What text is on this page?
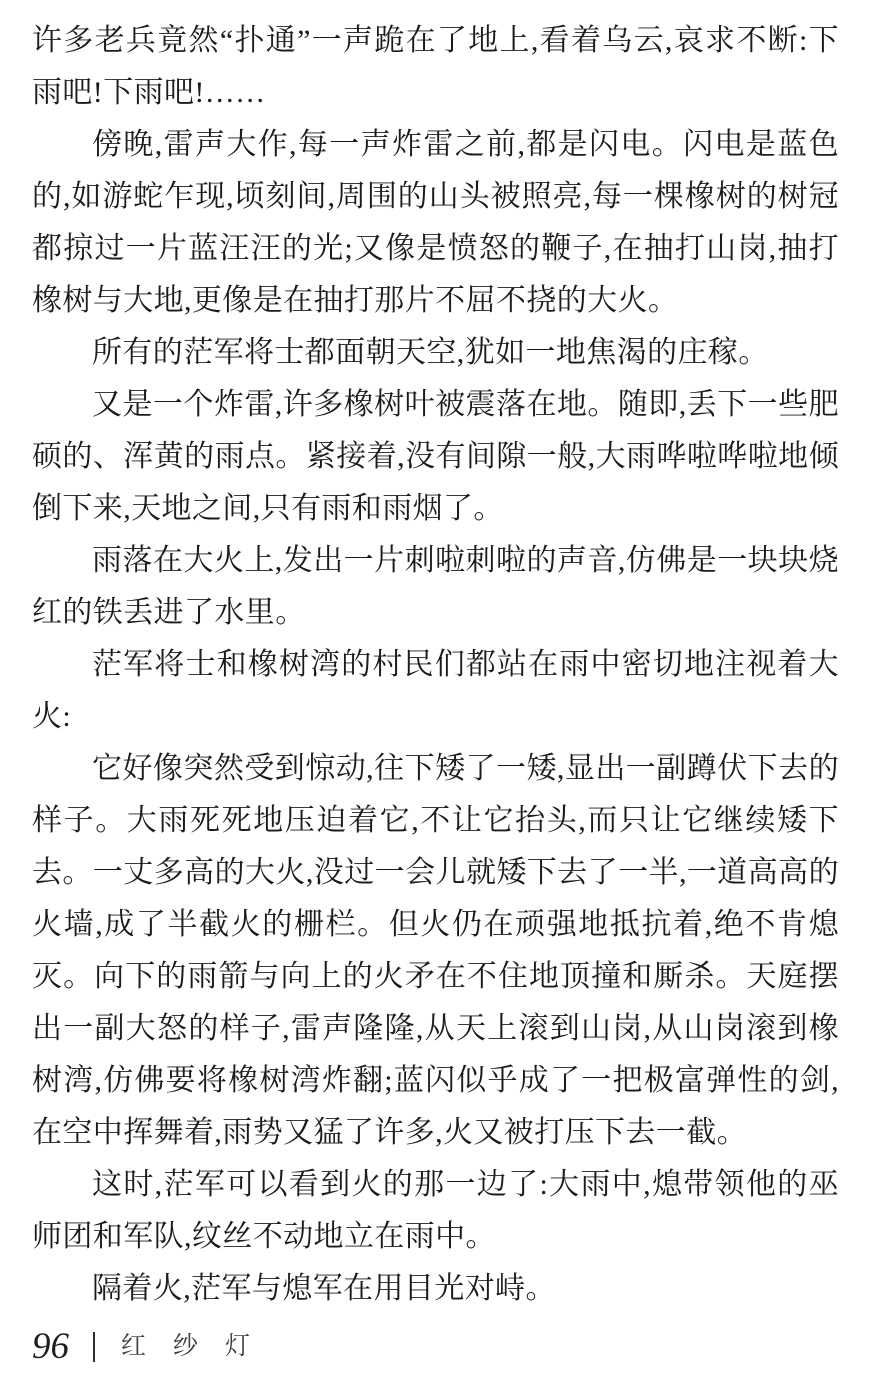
许多老兵竟然“扑通”一声跪在了地上,看着乌云,哀求不断:下雨吧!下雨吧!……

傍晚,雷声大作,每一声炸雷之前,都是闪电。闪电是蓝色的,如游蛇乍现,顷刻间,周围的山头被照亮,每一棵橡树的树冠都掠过一片蓝汪汪的光;又像是愤怒的鞭子,在抽打山岗,抽打橡树与大地,更像是在抽打那片不屈不挠的大火。

所有的茫军将士都面朝天空,犹如一地焦渴的庄稼。

又是一个炸雷,许多橡树叶被震落在地。随即,丢下一些肥硕的、浑黄的雨点。紧接着,没有间隙一般,大雨哗啦哗啦地倾倒下来,天地之间,只有雨和雨烟了。

雨落在大火上,发出一片刺啦刺啦的声音,仿佛是一块块烧红的铁丢进了水里。

茫军将士和橡树湾的村民们都站在雨中密切地注视着大火:

它好像突然受到惊动,往下矮了一矮,显出一副蹲伏下去的样子。大雨死死地压迫着它,不让它抬头,而只让它继续矮下去。一丈多高的大火,没过一会儿就矮下去了一半,一道高高的火墙,成了半截火的栅栏。但火仍在顽强地抵抗着,绝不肯熄灭。向下的雨箭与向上的火矛在不住地顶撞和厮杀。天庭摆出一副大怒的样子,雷声隆隆,从天上滚到山岗,从山岗滚到橡树湾,仿佛要将橡树湾炸翻;蓝闪似乎成了一把极富弹性的剑,在空中挥舞着,雨势又猛了许多,火又被打压下去一截。

这时,茫军可以看到火的那一边了:大雨中,熄带领他的巫师团和军队,纹丝不动地立在雨中。

隔着火,茫军与熄军在用目光对峙。

96 红纱灯
